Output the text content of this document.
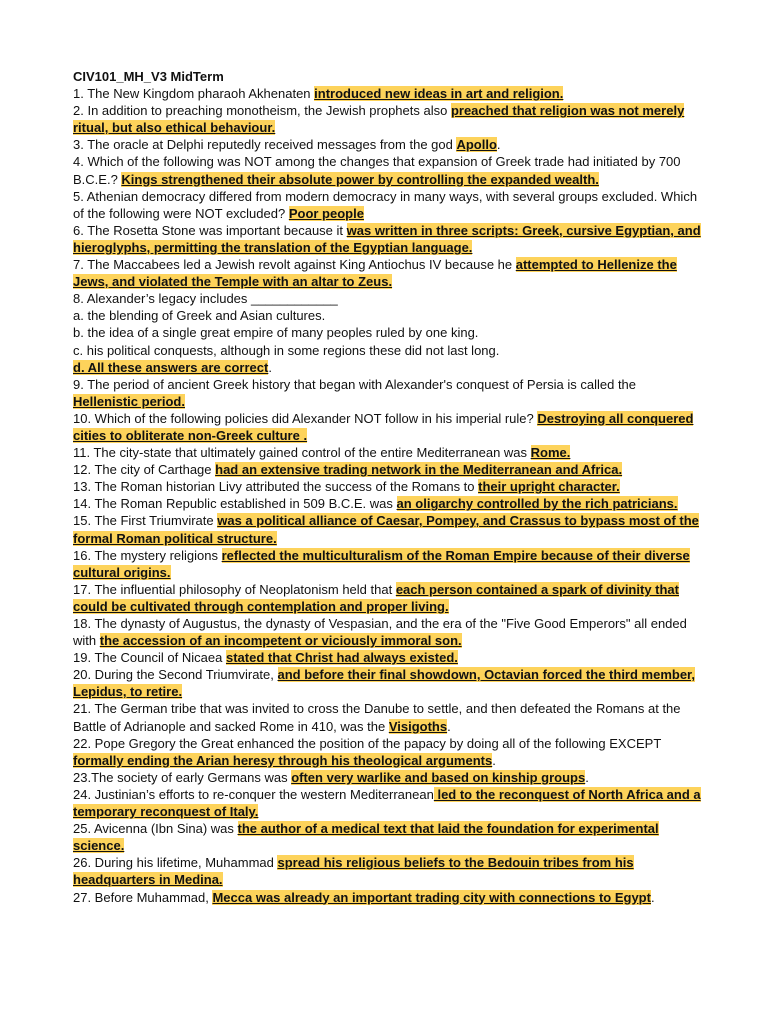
CIV101_MH_V3 MidTerm
1. The New Kingdom pharaoh Akhenaten introduced new ideas in art and religion.
2. In addition to preaching monotheism, the Jewish prophets also preached that religion was not merely ritual, but also ethical behaviour.
3. The oracle at Delphi reputedly received messages from the god Apollo.
4. Which of the following was NOT among the changes that expansion of Greek trade had initiated by 700 B.C.E.? Kings strengthened their absolute power by controlling the expanded wealth.
5. Athenian democracy differed from modern democracy in many ways, with several groups excluded. Which of the following were NOT excluded? Poor people
6. The Rosetta Stone was important because it was written in three scripts: Greek, cursive Egyptian, and hieroglyphs, permitting the translation of the Egyptian language.
7. The Maccabees led a Jewish revolt against King Antiochus IV because he attempted to Hellenize the Jews, and violated the Temple with an altar to Zeus.
8. Alexander’s legacy includes ____________
a. the blending of Greek and Asian cultures.
b. the idea of a single great empire of many peoples ruled by one king.
c. his political conquests, although in some regions these did not last long.
d. All these answers are correct.
9. The period of ancient Greek history that began with Alexander's conquest of Persia is called the Hellenistic period.
10. Which of the following policies did Alexander NOT follow in his imperial rule? Destroying all conquered cities to obliterate non-Greek culture .
11. The city-state that ultimately gained control of the entire Mediterranean was Rome.
12. The city of Carthage had an extensive trading network in the Mediterranean and Africa.
13. The Roman historian Livy attributed the success of the Romans to their upright character.
14. The Roman Republic established in 509 B.C.E. was an oligarchy controlled by the rich patricians.
15. The First Triumvirate was a political alliance of Caesar, Pompey, and Crassus to bypass most of the formal Roman political structure.
16. The mystery religions reflected the multiculturalism of the Roman Empire because of their diverse cultural origins.
17. The influential philosophy of Neoplatonism held that each person contained a spark of divinity that could be cultivated through contemplation and proper living.
18. The dynasty of Augustus, the dynasty of Vespasian, and the era of the "Five Good Emperors" all ended with the accession of an incompetent or viciously immoral son.
19. The Council of Nicaea stated that Christ had always existed.
20. During the Second Triumvirate, and before their final showdown, Octavian forced the third member, Lepidus, to retire.
21. The German tribe that was invited to cross the Danube to settle, and then defeated the Romans at the Battle of Adrianople and sacked Rome in 410, was the Visigoths.
22. Pope Gregory the Great enhanced the position of the papacy by doing all of the following EXCEPT formally ending the Arian heresy through his theological arguments.
23.The society of early Germans was often very warlike and based on kinship groups.
24. Justinian’s efforts to re-conquer the western Mediterranean led to the reconquest of North Africa and a temporary reconquest of Italy.
25. Avicenna (Ibn Sina) was the author of a medical text that laid the foundation for experimental science.
26. During his lifetime, Muhammad spread his religious beliefs to the Bedouin tribes from his headquarters in Medina.
27. Before Muhammad, Mecca was already an important trading city with connections to Egypt.
